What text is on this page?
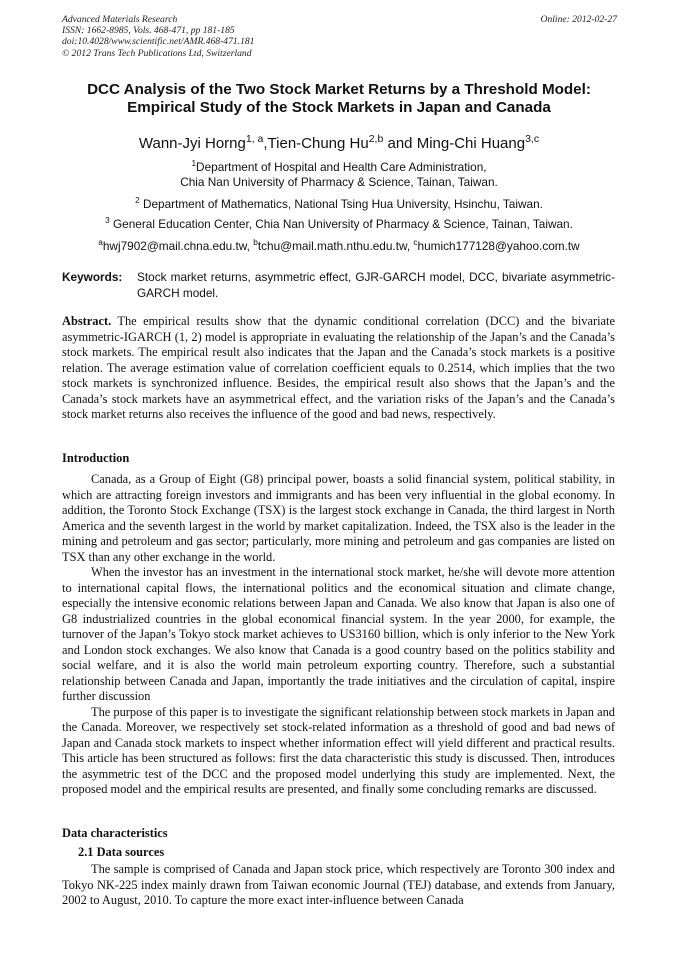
Advanced Materials Research
ISSN: 1662-8985, Vols. 468-471, pp 181-185
doi:10.4028/www.scientific.net/AMR.468-471.181
© 2012 Trans Tech Publications Ltd, Switzerland
Online: 2012-02-27
DCC Analysis of the Two Stock Market Returns by a Threshold Model:
Empirical Study of the Stock Markets in Japan and Canada
Wann-Jyi Horng$^{1, a}$,Tien-Chung Hu$^{2,b}$ and Ming-Chi Huang$^{3,c}$
$^1$Department of Hospital and Health Care Administration,
Chia Nan University of Pharmacy & Science, Tainan, Taiwan.
$^2$ Department of Mathematics, National Tsing Hua University, Hsinchu, Taiwan.
$^3$ General Education Center, Chia Nan University of Pharmacy & Science, Tainan, Taiwan.
$^a$hwj7902@mail.chna.edu.tw, $^b$tchu@mail.math.nthu.edu.tw, $^c$humich177128@yahoo.com.tw
Keywords: Stock market returns, asymmetric effect, GJR-GARCH model, DCC, bivariate asymmetric-GARCH model.

Abstract. The empirical results show that the dynamic conditional correlation (DCC) and the bivariate asymmetric-IGARCH (1, 2) model is appropriate in evaluating the relationship of the Japan’s and the Canada’s stock markets. The empirical result also indicates that the Japan and the Canada’s stock markets is a positive relation. The average estimation value of correlation coefficient equals to 0.2514, which implies that the two stock markets is synchronized influence. Besides, the empirical result also shows that the Japan’s and the Canada’s stock markets have an asymmetrical effect, and the variation risks of the Japan’s and the Canada’s stock market returns also receives the influence of the good and bad news, respectively.

Introduction

Canada, as a Group of Eight (G8) principal power, boasts a solid financial system, political stability, in which are attracting foreign investors and immigrants and has been very influential in the global economy. In addition, the Toronto Stock Exchange (TSX) is the largest stock exchange in Canada, the third largest in North America and the seventh largest in the world by market capitalization. Indeed, the TSX also is the leader in the mining and petroleum and gas sector; particularly, more mining and petroleum and gas companies are listed on TSX than any other exchange in the world.

When the investor has an investment in the international stock market, he/she will devote more attention to international capital flows, the international politics and the economical situation and climate change, especially the intensive economic relations between Japan and Canada. We also know that Japan is also one of G8 industrialized countries in the global economical financial system. In the year 2000, for example, the turnover of the Japan’s Tokyo stock market achieves to US3160 billion, which is only inferior to the New York and London stock exchanges. We also know that Canada is a good country based on the politics stability and social welfare, and it is also the world main petroleum exporting country. Therefore, such a substantial relationship between Canada and Japan, importantly the trade initiatives and the circulation of capital, inspire further discussion

The purpose of this paper is to investigate the significant relationship between stock markets in Japan and the Canada. Moreover, we respectively set stock-related information as a threshold of good and bad news of Japan and Canada stock markets to inspect whether information effect will yield different and practical results. This article has been structured as follows: first the data characteristic this study is discussed. Then, introduces the asymmetric test of the DCC and the proposed model underlying this study are implemented. Next, the proposed model and the empirical results are presented, and finally some concluding remarks are discussed.

Data characteristics
2.1 Data sources

The sample is comprised of Canada and Japan stock price, which respectively are Toronto 300 index and Tokyo NK-225 index mainly drawn from Taiwan economic Journal (TEJ) database, and extends from January, 2002 to August, 2010. To capture the more exact inter-influence between Canada
